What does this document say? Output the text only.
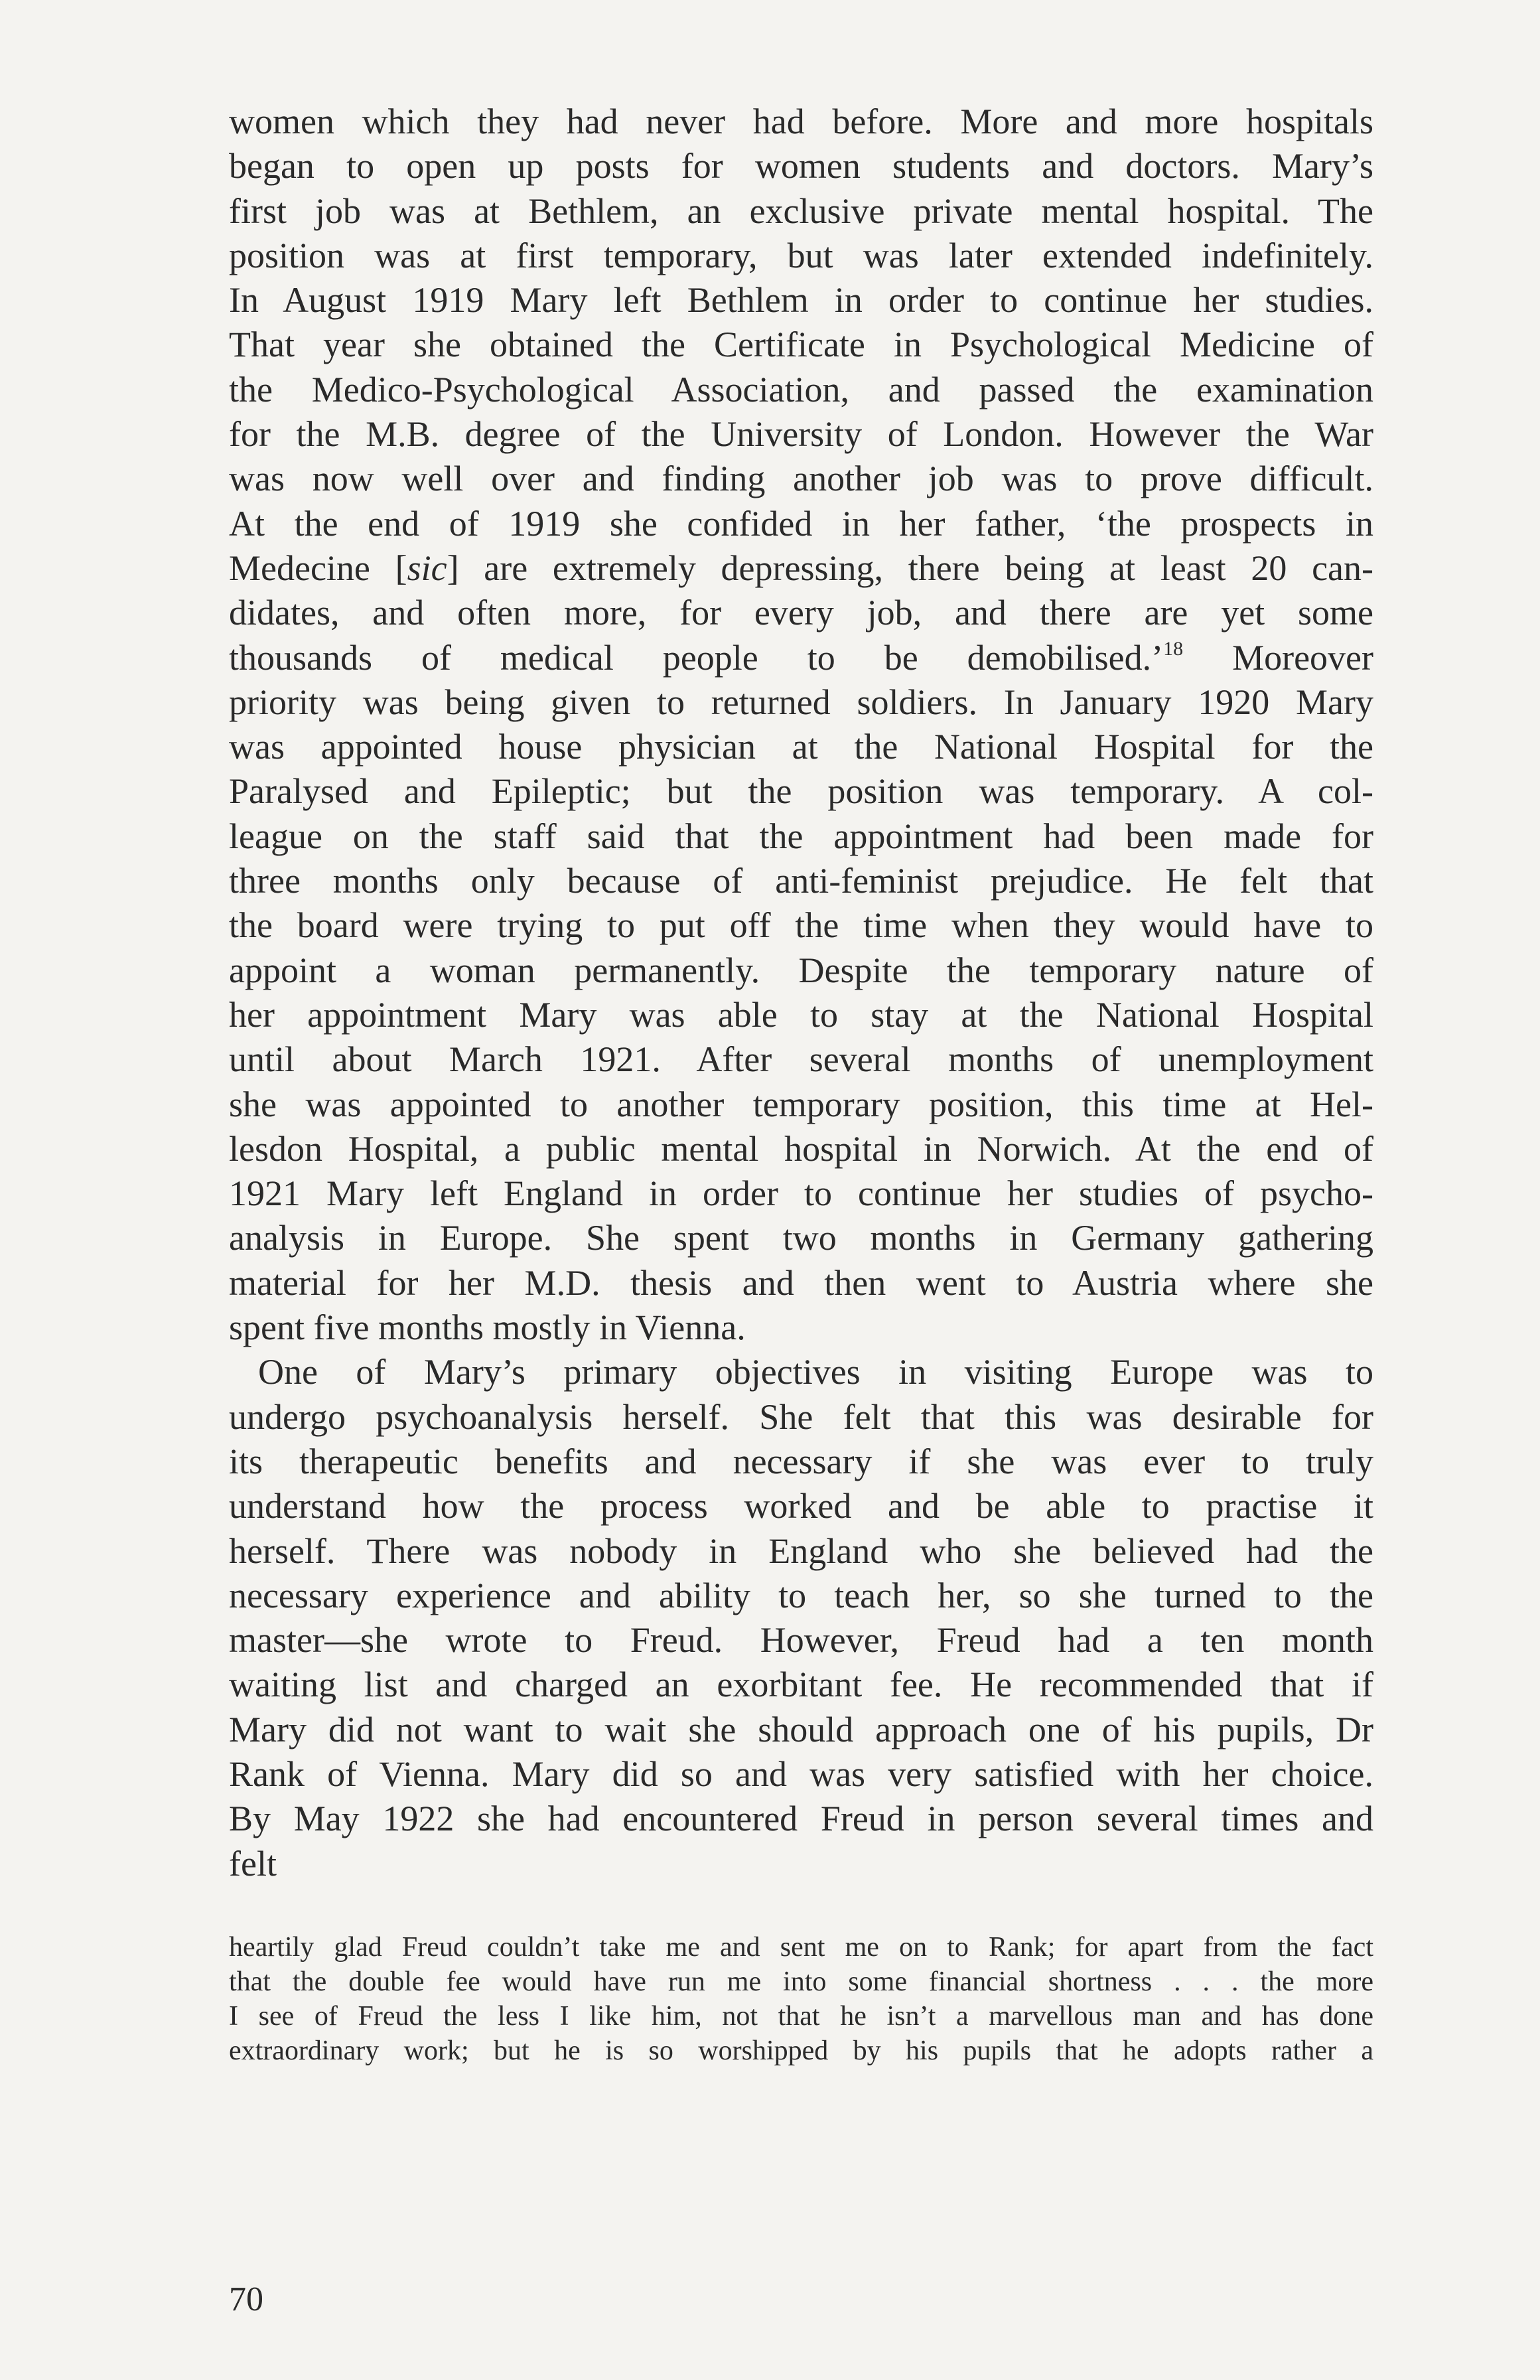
women which they had never had before. More and more hospitals
began to open up posts for women students and doctors. Mary’s
first job was at Bethlem, an exclusive private mental hospital. The
position was at first temporary, but was later extended indefinitely.
In August 1919 Mary left Bethlem in order to continue her studies.
That year she obtained the Certificate in Psychological Medicine of
the Medico-Psychological Association, and passed the examination
for the M.B. degree of the University of London. However the War
was now well over and finding another job was to prove difficult.
At the end of 1919 she confided in her father, ‘the prospects in
Medecine [sic] are extremely depressing, there being at least 20 can-
didates, and often more, for every job, and there are yet some
thousands of medical people to be demobilised.’$^{18}$ Moreover
priority was being given to returned soldiers. In January 1920 Mary
was appointed house physician at the National Hospital for the
Paralysed and Epileptic; but the position was temporary. A col-
league on the staff said that the appointment had been made for
three months only because of anti-feminist prejudice. He felt that
the board were trying to put off the time when they would have to
appoint a woman permanently. Despite the temporary nature of
her appointment Mary was able to stay at the National Hospital
until about March 1921. After several months of unemployment
she was appointed to another temporary position, this time at Hel-
lesdon Hospital, a public mental hospital in Norwich. At the end of
1921 Mary left England in order to continue her studies of psycho-
analysis in Europe. She spent two months in Germany gathering
material for her M.D. thesis and then went to Austria where she
spent five months mostly in Vienna.
One of Mary’s primary objectives in visiting Europe was to
undergo psychoanalysis herself. She felt that this was desirable for
its therapeutic benefits and necessary if she was ever to truly
understand how the process worked and be able to practise it
herself. There was nobody in England who she believed had the
necessary experience and ability to teach her, so she turned to the
master—she wrote to Freud. However, Freud had a ten month
waiting list and charged an exorbitant fee. He recommended that if
Mary did not want to wait she should approach one of his pupils, Dr
Rank of Vienna. Mary did so and was very satisfied with her choice.
By May 1922 she had encountered Freud in person several times and
felt
heartily glad Freud couldn’t take me and sent me on to Rank; for apart from the fact
that the double fee would have run me into some financial shortness . . . the more
I see of Freud the less I like him, not that he isn’t a marvellous man and has done
extraordinary work; but he is so worshipped by his pupils that he adopts rather a
70
